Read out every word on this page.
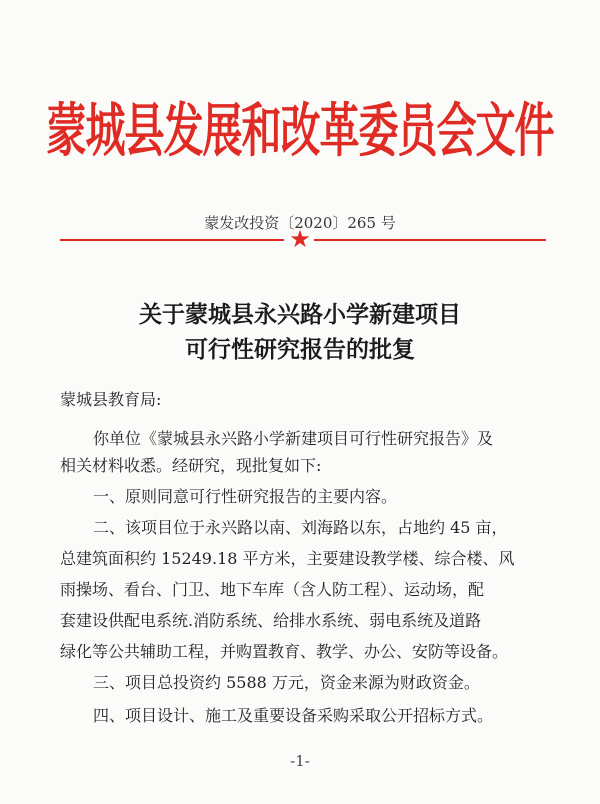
蒙城县发展和改革委员会文件
蒙发改投资〔2020〕265 号
★
关于蒙城县永兴路小学新建项目
可行性研究报告的批复
蒙城县教育局:
你单位《蒙城县永兴路小学新建项目可行性研究报告》及
相关材料收悉。经研究，现批复如下:
一、原则同意可行性研究报告的主要内容。
二、该项目位于永兴路以南、刘海路以东，占地约 45 亩，
总建筑面积约 15249.18 平方米，主要建设教学楼、综合楼、风
雨操场、看台、门卫、地下车库（含人防工程）、运动场，配
套建设供配电系统.消防系统、给排水系统、弱电系统及道路
绿化等公共辅助工程，并购置教育、教学、办公、安防等设备。
三、项目总投资约 5588 万元，资金来源为财政资金。
四、项目设计、施工及重要设备采购采取公开招标方式。
-1-
